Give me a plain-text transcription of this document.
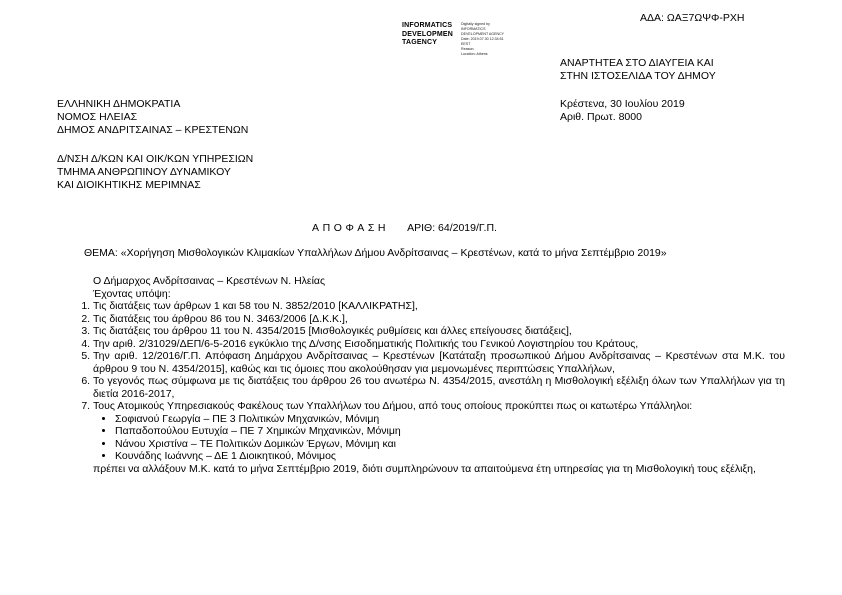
ΑΔΑ: ΩΑΞ7ΩΨΦ-ΡΧΗ
INFORMATICS
DEVELOPMEN
TAGENCY
Digitally signed by
INFORMATICS
DEVELOPMENT AGENCY
Date: 2019.07.30 12:34:51
EEST
Reason:
Location: Athens
ΑΝΑΡΤΗΤΕΑ ΣΤΟ ΔΙΑΥΓΕΙΑ ΚΑΙ
ΣΤΗΝ ΙΣΤΟΣΕΛΙΔΑ ΤΟΥ ΔΗΜΟΥ
ΕΛΛΗΝΙΚΗ ΔΗΜΟΚΡΑΤΙΑ
ΝΟΜΟΣ ΗΛΕΙΑΣ
ΔΗΜΟΣ ΑΝΔΡΙΤΣΑΙΝΑΣ – ΚΡΕΣΤΕΝΩΝ
Κρέστενα, 30 Ιουλίου 2019
Αριθ. Πρωτ. 8000
Δ/ΝΣΗ Δ/ΚΩΝ ΚΑΙ ΟΙΚ/ΚΩΝ ΥΠΗΡΕΣΙΩΝ
ΤΜΗΜΑ ΑΝΘΡΩΠΙΝΟΥ ΔΥΝΑΜΙΚΟΥ
ΚΑΙ ΔΙΟΙΚΗΤΙΚΗΣ ΜΕΡΙΜΝΑΣ
ΑΠΟΦΑΣΗ ΑΡΙΘ: 64/2019/Γ.Π.
ΘΕΜΑ: «Χορήγηση Μισθολογικών Κλιμακίων Υπαλλήλων Δήμου Ανδρίτσαινας – Κρεστένων, κατά το μήνα Σεπτέμβριο 2019»
Ο Δήμαρχος Ανδρίτσαινας – Κρεστένων Ν. Ηλείας
Έχοντας υπόψη:
1. Τις διατάξεις των άρθρων 1 και 58 του Ν. 3852/2010 [ΚΑΛΛΙΚΡΑΤΗΣ],
2. Τις διατάξεις του άρθρου 86 του Ν. 3463/2006 [Δ.Κ.Κ.],
3. Τις διατάξεις του άρθρου 11 του Ν. 4354/2015 [Μισθολογικές ρυθμίσεις και άλλες επείγουσες διατάξεις],
4. Την αριθ. 2/31029/ΔΕΠ/6-5-2016 εγκύκλιο της Δ/νσης Εισοδηματικής Πολιτικής του Γενικού Λογιστηρίου του Κράτους,
5. Την αριθ. 12/2016/Γ.Π. Απόφαση Δημάρχου Ανδρίτσαινας – Κρεστένων [Κατάταξη προσωπικού Δήμου Ανδρίτσαινας – Κρεστένων στα Μ.Κ. του άρθρου 9 του Ν. 4354/2015], καθώς και τις όμοιες που ακολούθησαν για μεμονωμένες περιπτώσεις Υπαλλήλων,
6. Το γεγονός πως σύμφωνα με τις διατάξεις του άρθρου 26 του ανωτέρω Ν. 4354/2015, ανεστάλη η Μισθολογική εξέλιξη όλων των Υπαλλήλων για τη διετία 2016-2017,
7. Τους Ατομικούς Υπηρεσιακούς Φακέλους των Υπαλλήλων του Δήμου, από τους οποίους προκύπτει πως οι κατωτέρω Υπάλληλοι:
• Σοφιανού Γεωργία – ΠΕ 3 Πολιτικών Μηχανικών, Μόνιμη
• Παπαδοπούλου Ευτυχία – ΠΕ 7 Χημικών Μηχανικών, Μόνιμη
• Νάνου Χριστίνα – ΤΕ Πολιτικών Δομικών Έργων, Μόνιμη και
• Κουνάδης Ιωάννης – ΔΕ 1 Διοικητικού, Μόνιμος
πρέπει να αλλάξουν Μ.Κ. κατά το μήνα Σεπτέμβριο 2019, διότι συμπληρώνουν τα απαιτούμενα έτη υπηρεσίας για τη Μισθολογική τους εξέλιξη,
